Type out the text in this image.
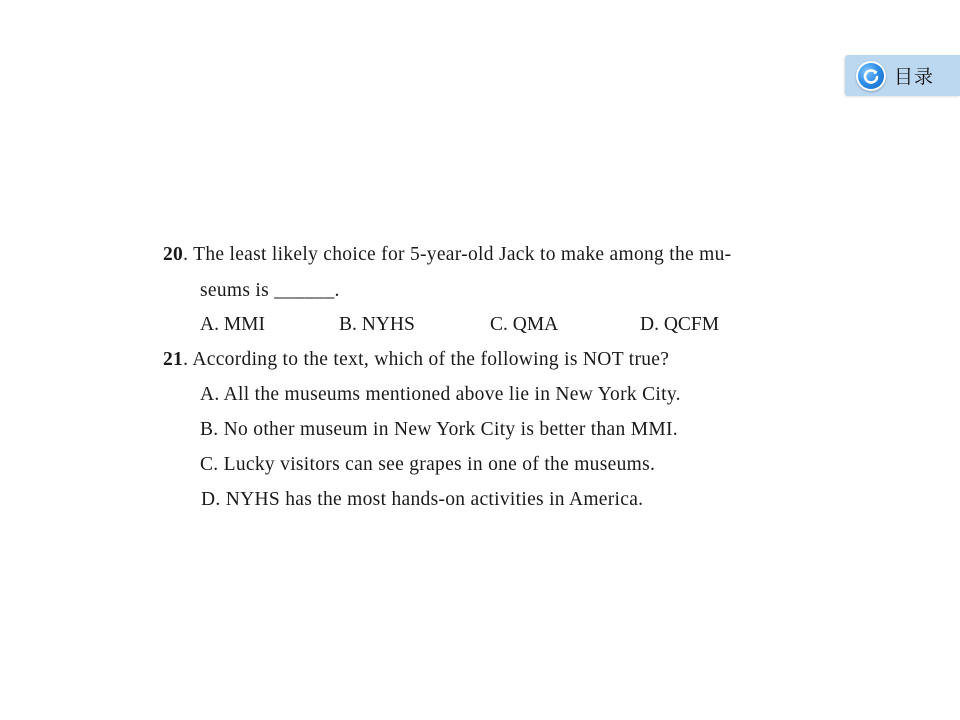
目录
20. The least likely choice for 5-year-old Jack to make among the mu-
seums is ______.
A. MMI	B. NYHS	C. QMA	D. QCFM
21. According to the text, which of the following is NOT true?
A. All the museums mentioned above lie in New York City.
B. No other museum in New York City is better than MMI.
C. Lucky visitors can see grapes in one of the museums.
D. NYHS has the most hands-on activities in America.
